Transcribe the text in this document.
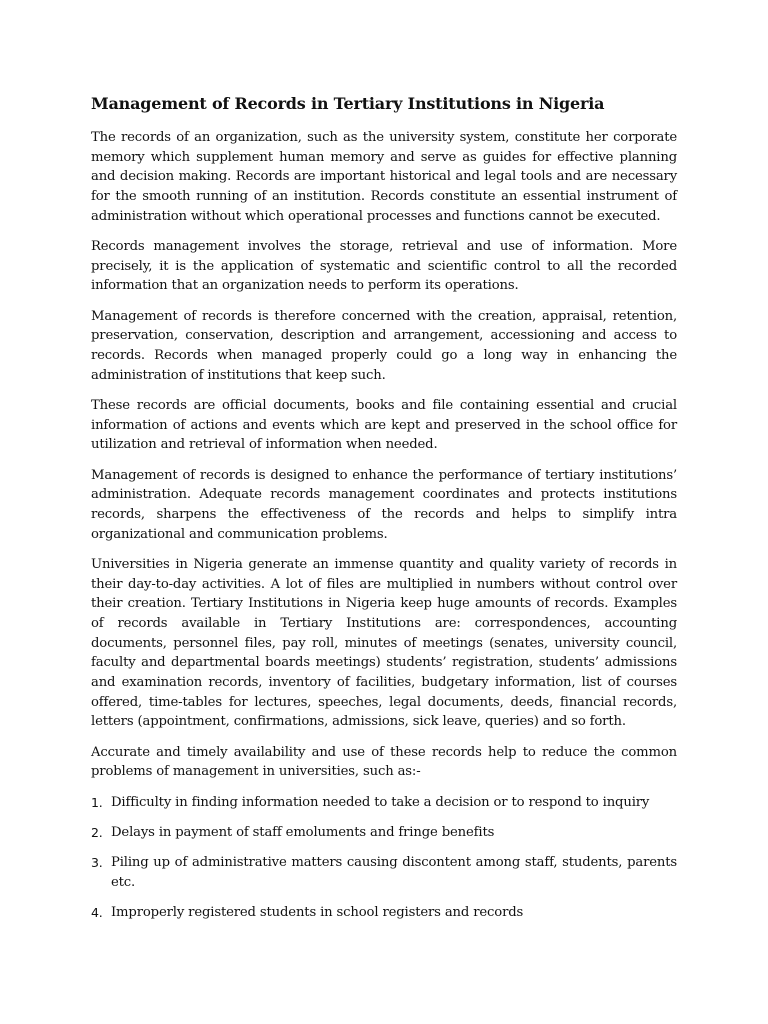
Management of Records in Tertiary Institutions in Nigeria

The records of an organization, such as the university system, constitute her corporate memory which supplement human memory and serve as guides for effective planning and decision making. Records are important historical and legal tools and are necessary for the smooth running of an institution. Records constitute an essential instrument of administration without which operational processes and functions cannot be executed.

Records management involves the storage, retrieval and use of information. More precisely, it is the application of systematic and scientific control to all the recorded information that an organization needs to perform its operations.

Management of records is therefore concerned with the creation, appraisal, retention, preservation, conservation, description and arrangement, accessioning and access to records. Records when managed properly could go a long way in enhancing the administration of institutions that keep such.

These records are official documents, books and file containing essential and crucial information of actions and events which are kept and preserved in the school office for utilization and retrieval of information when needed.

Management of records is designed to enhance the performance of tertiary institutions’ administration. Adequate records management coordinates and protects institutions records, sharpens the effectiveness of the records and helps to simplify intra organizational and communication problems.

Universities in Nigeria generate an immense quantity and quality variety of records in their day-to-day activities. A lot of files are multiplied in numbers without control over their creation. Tertiary Institutions in Nigeria keep huge amounts of records. Examples of records available in Tertiary Institutions are: correspondences, accounting documents, personnel files, pay roll, minutes of meetings (senates, university council, faculty and departmental boards meetings) students’ registration, students’ admissions and examination records, inventory of facilities, budgetary information, list of courses offered, time-tables for lectures, speeches, legal documents, deeds, financial records, letters (appointment, confirmations, admissions, sick leave, queries) and so forth.

Accurate and timely availability and use of these records help to reduce the common problems of management in universities, such as:-

1. Difficulty in finding information needed to take a decision or to respond to inquiry
2. Delays in payment of staff emoluments and fringe benefits
3. Piling up of administrative matters causing discontent among staff, students, parents etc.
4. Improperly registered students in school registers and records
